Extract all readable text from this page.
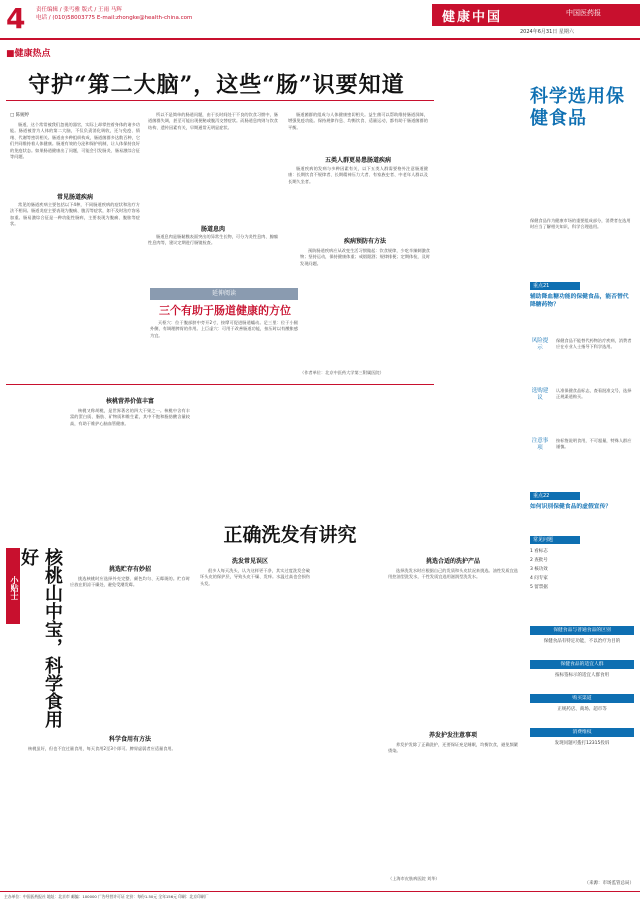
4 责任编辑 / 张丐雅 版式 / 王雨 马辉
电话 / (010)58003775 E-mail:zhongke@health-china.com	健康中国	中国医药报
2024年6月31日 星期六
■健康热点
守护“第二大脑”，这些“肠”识要知道
□ 陈婉婷

肠道，这个常常被我们忽视的器官，实际上却掌控着身体的诸多功能。肠道被誉为人体的第二大脑，不仅负责消化吸收，还与免疫、情绪、代谢等密切相关。肠道由多种组织构成，肠道菌群多达数百种，它们共同维持着人体健康。肠道有效的分泌和保护机制，让人体保持良好的免疫状态。如果肠道健康出了问题，可能会引发肠炎、肠易激综合征等问题。

常见肠道疾病

常见的肠道疾病主要包括以下4种，不同肠道疾病的症状和治疗方法不相同。肠道炎症主要表现为腹痛、腹泻等症状，如不及时治疗容易加重。肠易激综合征是一种功能性肠病，主要表现为腹痛、腹胀等症状。

所以不是简单的肠道问题，由于长时间处于不良的饮食习惯中，肠道菌群失调，甚至可能出现便秘或腹泻交替症状。而肠道息肉则与饮食结构、遗传因素有关，早期通常无明显症状。

肠道息肉

肠道息肉是肠黏膜表面突出的异常生长物，可分为炎性息肉、腺瘤性息肉等，建议定期进行肠镜检查。

肠道菌群的组成与人体健康密切相关。益生菌可以帮助维持肠道屏障，增强免疫功能。保持规律作息、均衡饮食、适量运动，都有助于肠道菌群的平衡。

五类人群更易患肠道疾病

肠道疾病的发病与多种因素有关，以下五类人群需要格外注意肠道健康：长期饮食不规律者、长期精神压力大者、有家族史者、中老年人群以及长期久坐者。

延伸阅读
三个有助于肠道健康的方位

天枢穴：位于腹部脐中旁开2寸，按摩可促进肠道蠕动。足三里：位于小腿外侧，有调理脾胃的作用。上巨虚穴：可用于改善肠道功能，按压时以有酸胀感为宜。

疾病预防有方法

预防肠道疾病应从改变生活习惯做起：饮食规律，少吃辛辣刺激食物；坚持运动，保持健康体重；戒烟限酒；规律排便；定期体检，及时发现问题。

（作者单位：北京中医药大学第三附属医院）
小贴士	核桃山中宝，科学食用好
核桃营养价值丰富

核桃又称胡桃，是世界著名的四大干果之一。核桃中含有丰富的蛋白质、脂肪、矿物质和维生素，其中不饱和脂肪酸含量较高，有助于维护心脑血管健康。

挑选贮存有妙招

挑选核桃时应选择外壳完整、颜色均匀、无霉斑的。贮存时应放在阴凉干燥处，避免受潮发霉。

科学食用有方法

核桃虽好，但也不宜过量食用，每天食用2至3个即可。脾胃虚弱者应适量食用。

正确洗发有讲究
洗发常见误区

很多人每天洗头，认为这样更干净，其实过度洗发会破坏头皮的保护层，导致头皮干燥、发痒。水温过高也会损伤头发。

挑选合适的洗护产品

选择洗发水时应根据自己的发质和头皮状况来挑选。油性发质宜选用控油型洗发水，干性发质宜选用滋润型洗发水。

养发护发注意事项

养发护发除了正确洗护，还要保证充足睡眠，均衡饮食，避免频繁烫染。

（上海市皮肤病医院 刘华）
科学选用保健食品
保健食品作为健康市场的重要组成部分，消费者在选用时应当了解相关知识，科学合理选用。
重点21
辅助降血糖功能的保健食品，能否替代降糖药物？
风险提示
保健食品不能替代药物治疗疾病，消费者应在专业人士指导下科学选用。
选购建议
认准保健食品标志，查看批准文号，选择正规渠道购买。
注意事项
按标签说明食用，不可超量，特殊人群应谨慎。
重点22
如何识别保健食品的虚假宣传？
常见问题
1 看标志
2 查批号
3 核功效
4 问专家
5 留票据
保健食品与普通食品的区别
保健食品有特定功能，不以治疗为目的
保健食品的适宜人群
按标签标示的适宜人群食用
购买渠道
正规药店、商场、超市等
消费维权
发现问题可拨打12315投诉
（来源：市场监管总局）
主办单位：中国医药报社 地址：北京市 邮编：100000 广告经营许可证 定价：每份1.50元 全年156元 印刷：北京印刷厂
